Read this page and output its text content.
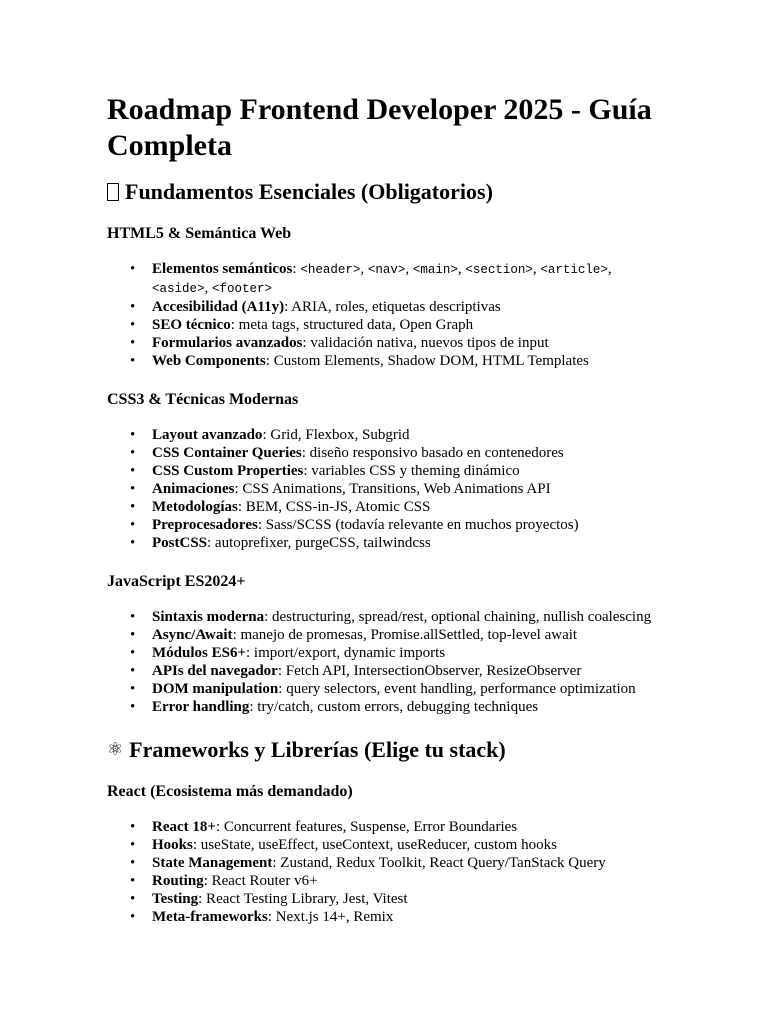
Roadmap Frontend Developer 2025 - Guía Completa
Fundamentos Esenciales (Obligatorios)
HTML5 & Semántica Web
• Elementos semánticos: <header>, <nav>, <main>, <section>, <article>, <aside>, <footer>
• Accesibilidad (A11y): ARIA, roles, etiquetas descriptivas
• SEO técnico: meta tags, structured data, Open Graph
• Formularios avanzados: validación nativa, nuevos tipos de input
• Web Components: Custom Elements, Shadow DOM, HTML Templates
CSS3 & Técnicas Modernas
• Layout avanzado: Grid, Flexbox, Subgrid
• CSS Container Queries: diseño responsivo basado en contenedores
• CSS Custom Properties: variables CSS y theming dinámico
• Animaciones: CSS Animations, Transitions, Web Animations API
• Metodologías: BEM, CSS-in-JS, Atomic CSS
• Preprocesadores: Sass/SCSS (todavía relevante en muchos proyectos)
• PostCSS: autoprefixer, purgeCSS, tailwindcss
JavaScript ES2024+
• Sintaxis moderna: destructuring, spread/rest, optional chaining, nullish coalescing
• Async/Await: manejo de promesas, Promise.allSettled, top-level await
• Módulos ES6+: import/export, dynamic imports
• APIs del navegador: Fetch API, IntersectionObserver, ResizeObserver
• DOM manipulation: query selectors, event handling, performance optimization
• Error handling: try/catch, custom errors, debugging techniques
⚛ Frameworks y Librerías (Elige tu stack)
React (Ecosistema más demandado)
• React 18+: Concurrent features, Suspense, Error Boundaries
• Hooks: useState, useEffect, useContext, useReducer, custom hooks
• State Management: Zustand, Redux Toolkit, React Query/TanStack Query
• Routing: React Router v6+
• Testing: React Testing Library, Jest, Vitest
• Meta-frameworks: Next.js 14+, Remix
